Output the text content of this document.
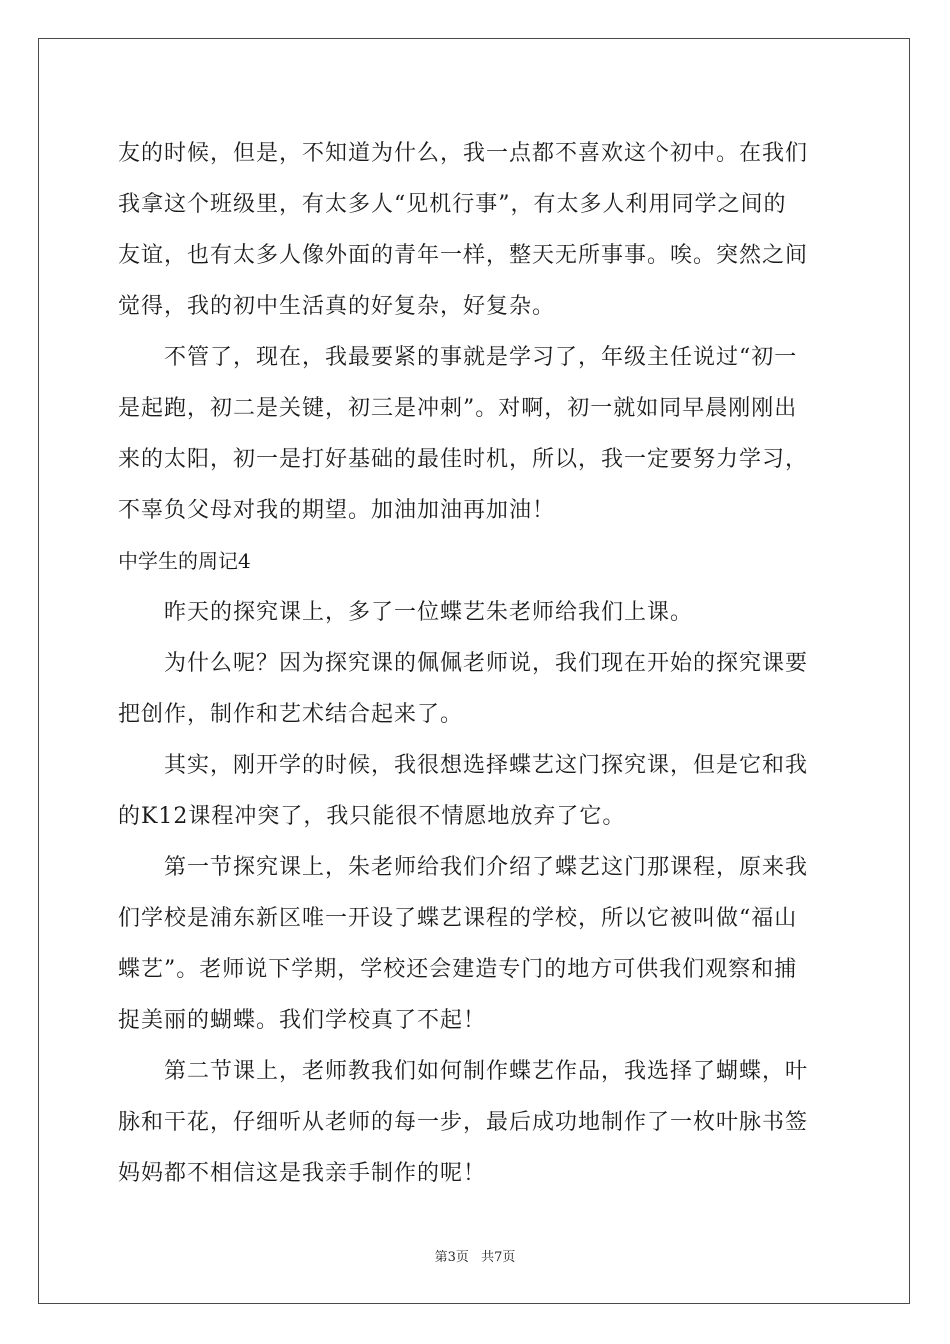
友的时候，但是，不知道为什么，我一点都不喜欢这个初中。在我们
我拿这个班级里，有太多人“见机行事”，有太多人利用同学之间的
友谊，也有太多人像外面的青年一样，整天无所事事。唉。突然之间
觉得，我的初中生活真的好复杂，好复杂。
不管了，现在，我最要紧的事就是学习了，年级主任说过“初一
是起跑，初二是关键，初三是冲刺”。对啊，初一就如同早晨刚刚出
来的太阳，初一是打好基础的最佳时机，所以，我一定要努力学习，
不辜负父母对我的期望。加油加油再加油！
中学生的周记4
昨天的探究课上，多了一位蝶艺朱老师给我们上课。
为什么呢？因为探究课的佩佩老师说，我们现在开始的探究课要
把创作，制作和艺术结合起来了。
其实，刚开学的时候，我很想选择蝶艺这门探究课，但是它和我
的K12课程冲突了，我只能很不情愿地放弃了它。
第一节探究课上，朱老师给我们介绍了蝶艺这门那课程，原来我
们学校是浦东新区唯一开设了蝶艺课程的学校，所以它被叫做“福山
蝶艺”。老师说下学期，学校还会建造专门的地方可供我们观察和捕
捉美丽的蝴蝶。我们学校真了不起！
第二节课上，老师教我们如何制作蝶艺作品，我选择了蝴蝶，叶
脉和干花，仔细听从老师的每一步，最后成功地制作了一枚叶脉书签
妈妈都不相信这是我亲手制作的呢！
第3页 共7页
